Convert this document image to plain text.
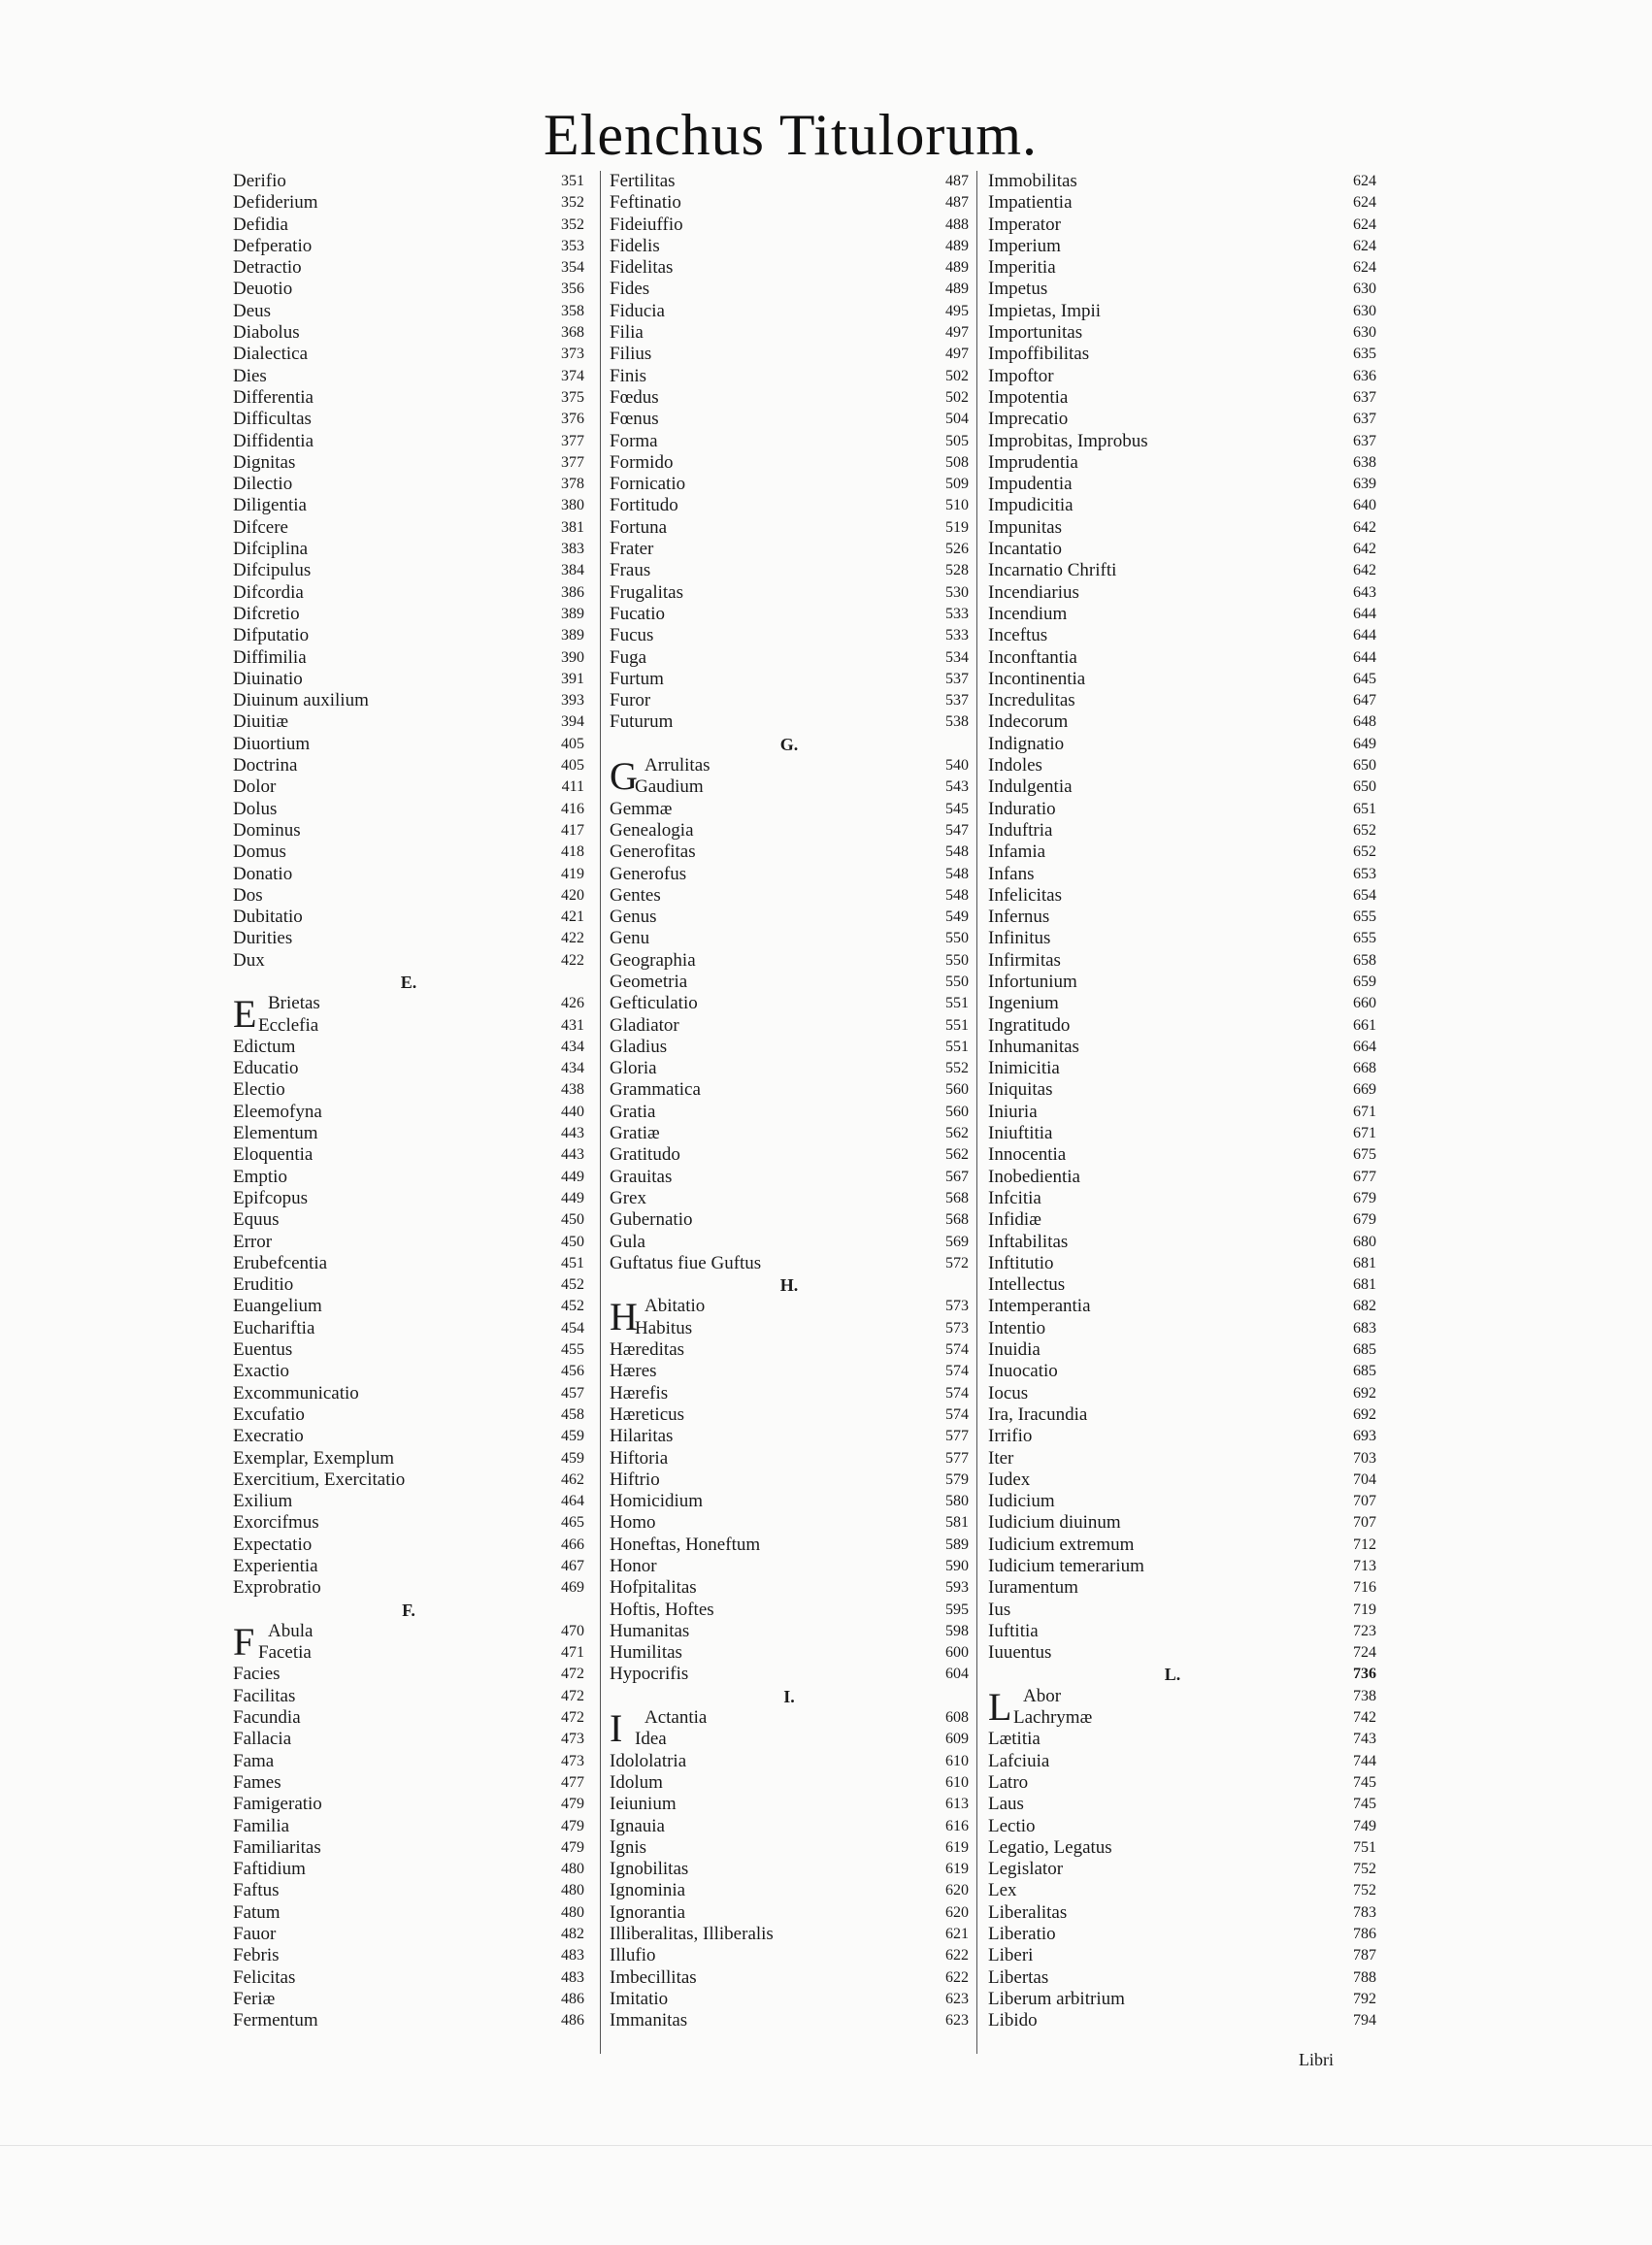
Elenchus Titulorum.
Derifio	351
Defiderium	352
Defidia	352
Defperatio	353
Detractio	354
Deuotio	356
Deus	358
Diabolus	368
Dialectica	373
Dies	374
Differentia	375
Difficultas	376
Diffidentia	377
Dignitas	377
Dilectio	378
Diligentia	380
Difcere	381
Difciplina	383
Difcipulus	384
Difcordia	386
Difcretio	389
Difputatio	389
Diffimilia	390
Diuinatio	391
Diuinum auxilium	393
Diuitiæ	394
Diuortium	405
Doctrina	405
Dolor	411
Dolus	416
Dominus	417
Domus	418
Donatio	419
Dos	420
Dubitatio	421
Durities	422
Dux	422
E.
E Brietas	426
Ecclefia	431
Edictum	434
Educatio	434
Electio	438
Eleemofyna	440
Elementum	443
Eloquentia	443
Emptio	449
Epifcopus	449
Equus	450
Error	450
Erubefcentia	451
Eruditio	452
Euangelium	452
Euchariftia	454
Euentus	455
Exactio	456
Excommunicatio	457
Excufatio	458
Execratio	459
Exemplar, Exemplum	459
Exercitium, Exercitatio	462
Exilium	464
Exorcifmus	465
Expectatio	466
Experientia	467
Exprobratio	469
F.
F Abula	470
Facetia	471
Facies	472
Facilitas	472
Facundia	472
Fallacia	473
Fama	473
Fames	477
Famigeratio	479
Familia	479
Familiaritas	479
Faftidium	480
Faftus	480
Fatum	480
Fauor	482
Febris	483
Felicitas	483
Feriæ	486
Fermentum	486
Fertilitas	487
Feftinatio	487
Fideiuffio	488
Fidelis	489
Fidelitas	489
Fides	489
Fiducia	495
Filia	497
Filius	497
Finis	502
Fœdus	502
Fœnus	504
Forma	505
Formido	508
Fornicatio	509
Fortitudo	510
Fortuna	519
Frater	526
Fraus	528
Frugalitas	530
Fucatio	533
Fucus	533
Fuga	534
Furtum	537
Furor	537
Futurum	538
G.
G Arrulitas	540
Gaudium	543
Gemmæ	545
Genealogia	547
Generofitas	548
Generofus	548
Gentes	548
Genus	549
Genu	550
Geographia	550
Geometria	550
Gefticulatio	551
Gladiator	551
Gladius	551
Gloria	552
Grammatica	560
Gratia	560
Gratiæ	562
Gratitudo	562
Grauitas	567
Grex	568
Gubernatio	568
Gula	569
Guftatus fiue Guftus	572
H.
H Abitatio	573
Habitus	573
Hæreditas	574
Hæres	574
Hærefis	574
Hæreticus	574
Hilaritas	577
Hiftoria	577
Hiftrio	579
Homicidium	580
Homo	581
Honeftas, Honeftum	589
Honor	590
Hofpitalitas	593
Hoftis, Hoftes	595
Humanitas	598
Humilitas	600
Hypocrifis	604
I.
I Actantia	608
Idea	609
Idololatria	610
Idolum	610
Ieiunium	613
Ignauia	616
Ignis	619
Ignobilitas	619
Ignominia	620
Ignorantia	620
Illiberalitas, Illiberalis	621
Illufio	622
Imbecillitas	622
Imitatio	623
Immanitas	623
Immobilitas	624
Impatientia	624
Imperator	624
Imperium	624
Imperitia	624
Impetus	630
Impietas, Impii	630
Importunitas	630
Impoffibilitas	635
Impoftor	636
Impotentia	637
Imprecatio	637
Improbitas, Improbus	637
Imprudentia	638
Impudentia	639
Impudicitia	640
Impunitas	642
Incantatio	642
Incarnatio Chrifti	642
Incendiarius	643
Incendium	644
Inceftus	644
Inconftantia	644
Incontinentia	645
Incredulitas	647
Indecorum	648
Indignatio	649
Indoles	650
Indulgentia	650
Induratio	651
Induftria	652
Infamia	652
Infans	653
Infelicitas	654
Infernus	655
Infinitus	655
Infirmitas	658
Infortunium	659
Ingenium	660
Ingratitudo	661
Inhumanitas	664
Inimicitia	668
Iniquitas	669
Iniuria	671
Iniuftitia	671
Innocentia	675
Inobedientia	677
Infcitia	679
Infidiæ	679
Inftabilitas	680
Inftitutio	681
Intellectus	681
Intemperantia	682
Intentio	683
Inuidia	685
Inuocatio	685
Iocus	692
Ira, Iracundia	692
Irrifio	693
Iter	703
Iudex	704
Iudicium	707
Iudicium diuinum	707
Iudicium extremum	712
Iudicium temerarium	713
Iuramentum	716
Ius	719
Iuftitia	723
Iuuentus	724
L.	736
L Abor	738
Lachrymæ	742
Lætitia	743
Lafciuia	744
Latro	745
Laus	745
Lectio	749
Legatio, Legatus	751
Legislator	752
Lex	752
Liberalitas	783
Liberatio	786
Liberi	787
Libertas	788
Liberum arbitrium	792
Libido	794
Libri
